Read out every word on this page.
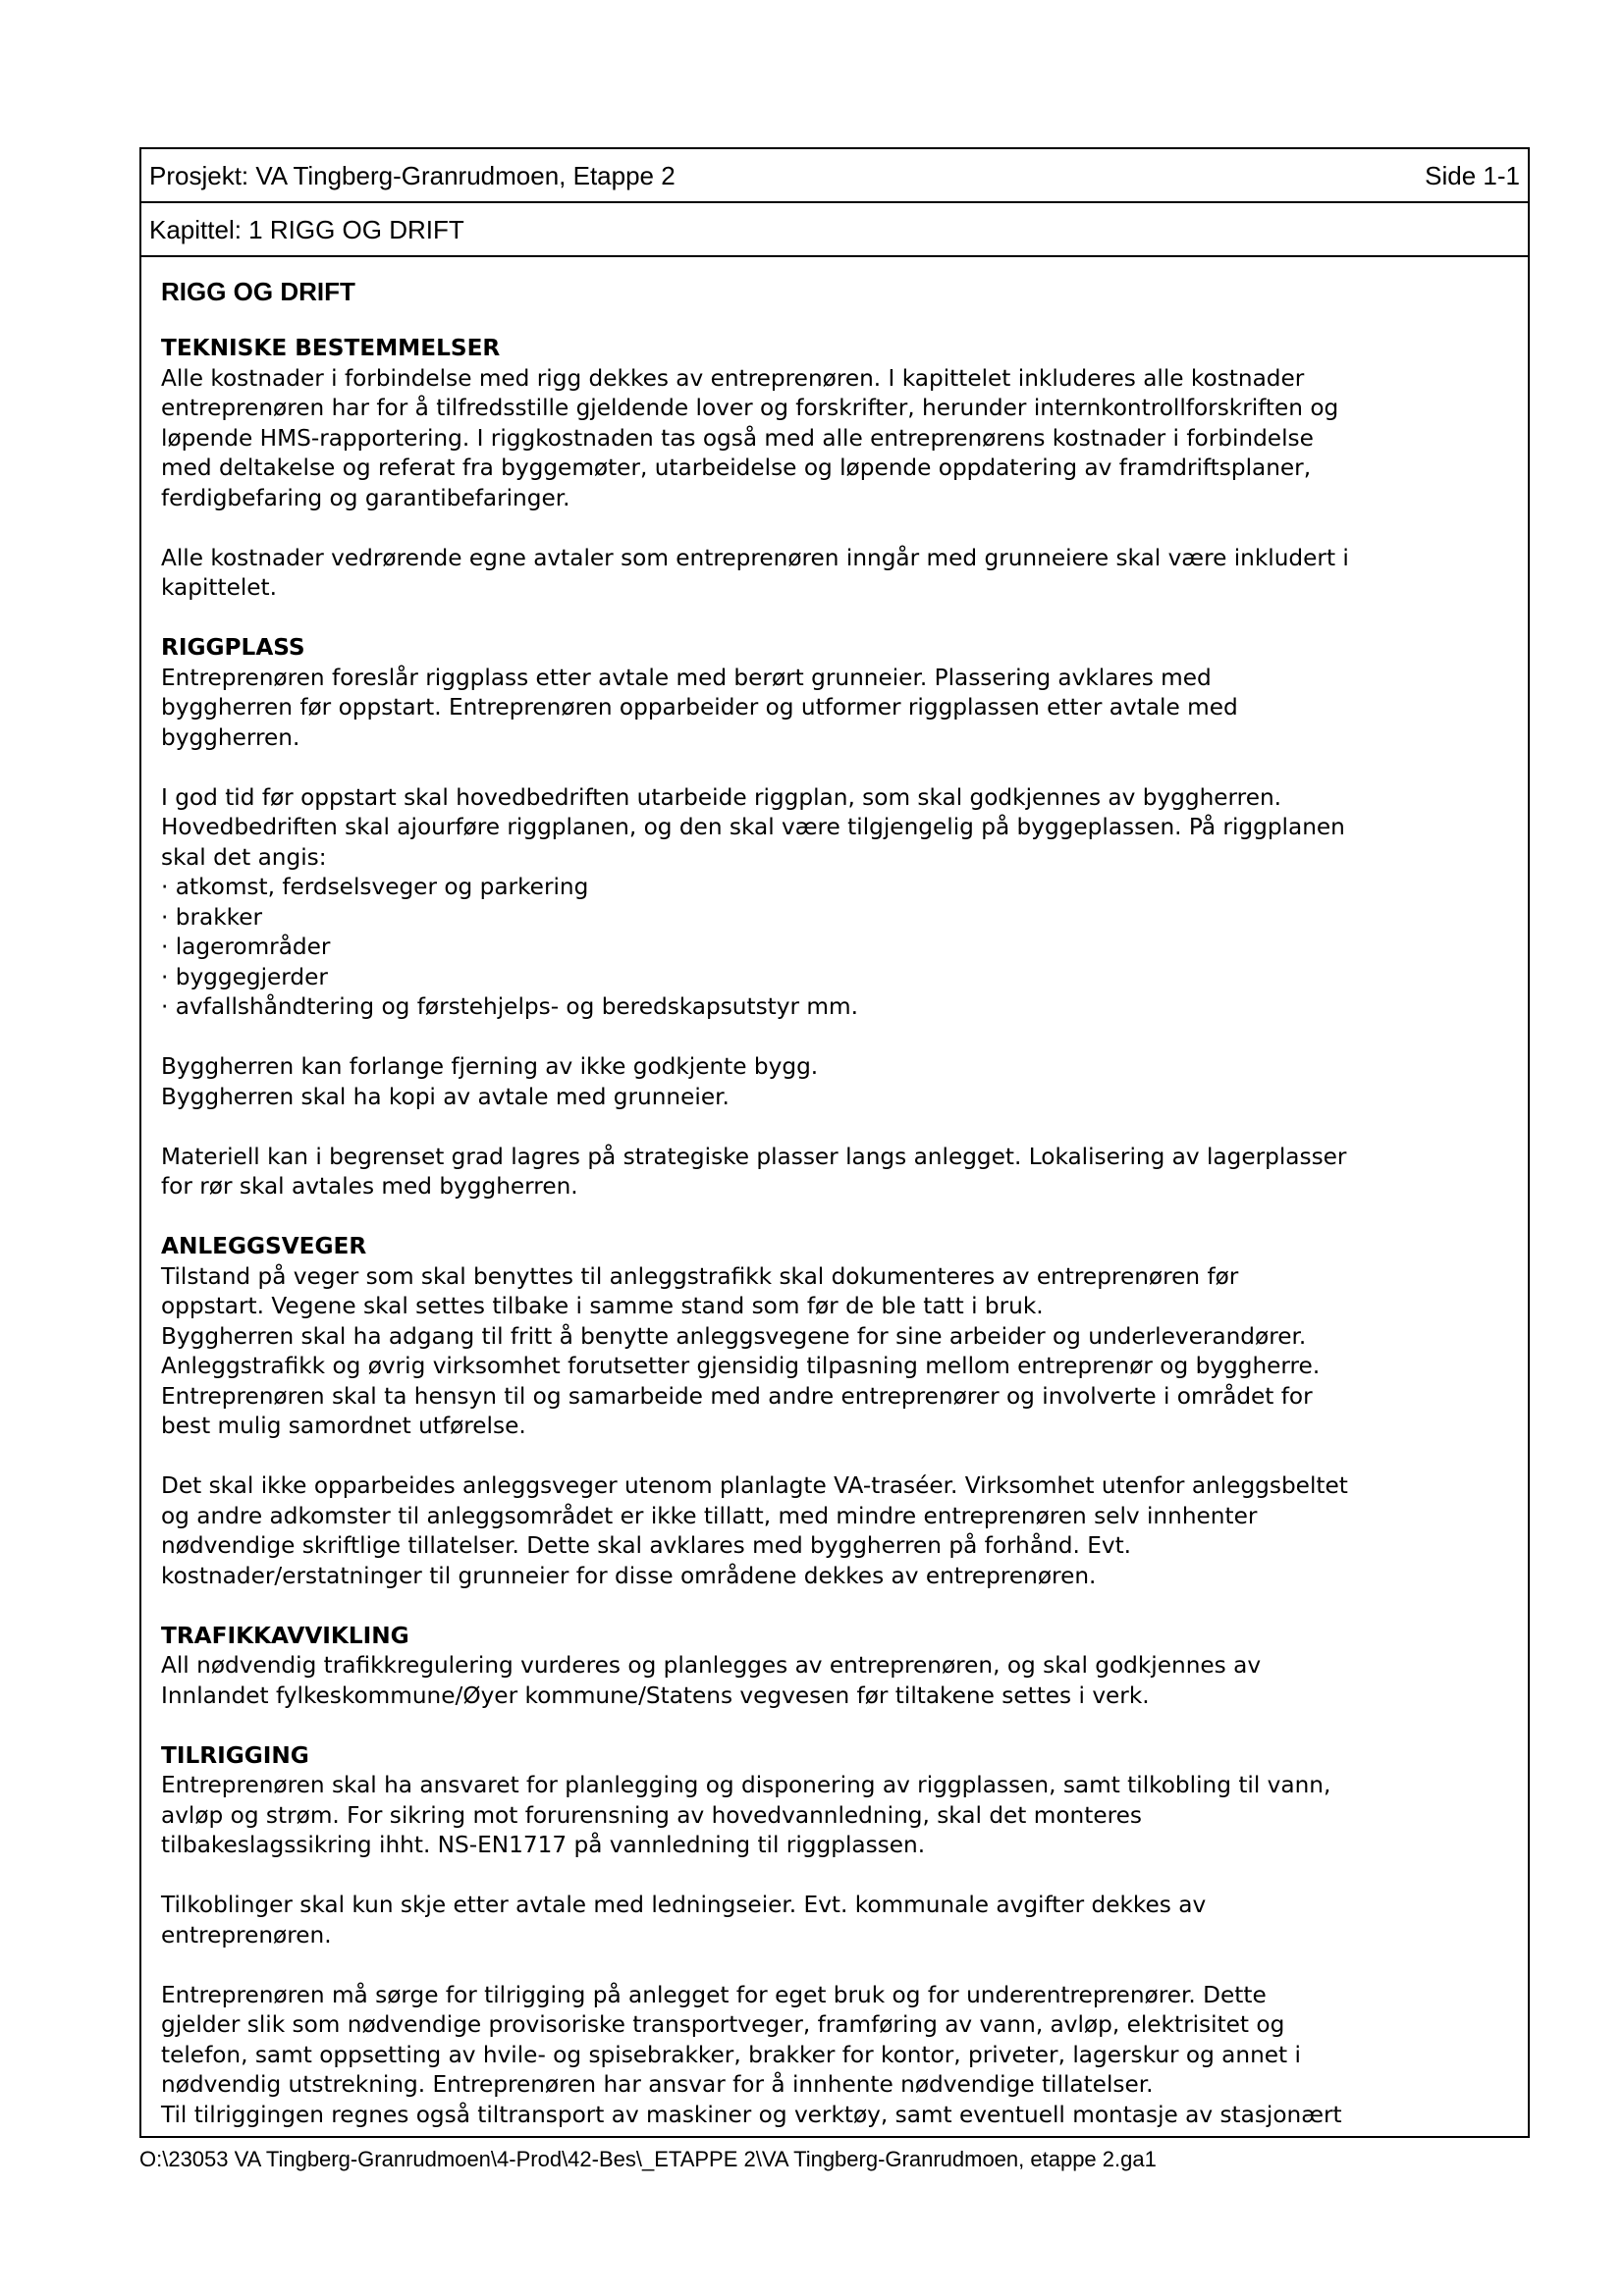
Prosjekt: VA Tingberg-Granrudmoen, Etappe 2	Side 1-1
Kapittel: 1 RIGG OG DRIFT
RIGG OG DRIFT
TEKNISKE BESTEMMELSER

Alle kostnader i forbindelse med rigg dekkes av entreprenøren. I kapittelet inkluderes alle kostnader
entreprenøren har for å tilfredsstille gjeldende lover og forskrifter, herunder internkontrollforskriften og
løpende HMS-rapportering. I riggkostnaden tas også med alle entreprenørens kostnader i forbindelse
med deltakelse og referat fra byggemøter, utarbeidelse og løpende oppdatering av framdriftsplaner,
ferdigbefaring og garantibefaringer.

Alle kostnader vedrørende egne avtaler som entreprenøren inngår med grunneiere skal være inkludert i
kapittelet.

RIGGPLASS

Entreprenøren foreslår riggplass etter avtale med berørt grunneier. Plassering avklares med
byggherren før oppstart. Entreprenøren opparbeider og utformer riggplassen etter avtale med
byggherren.

I god tid før oppstart skal hovedbedriften utarbeide riggplan, som skal godkjennes av byggherren.
Hovedbedriften skal ajourføre riggplanen, og den skal være tilgjengelig på byggeplassen. På riggplanen
skal det angis:
· atkomst, ferdselsveger og parkering
· brakker
· lagerområder
· byggegjerder
· avfallshåndtering og førstehjelps- og beredskapsutstyr mm.

Byggherren kan forlange fjerning av ikke godkjente bygg.
Byggherren skal ha kopi av avtale med grunneier.

Materiell kan i begrenset grad lagres på strategiske plasser langs anlegget. Lokalisering av lagerplasser
for rør skal avtales med byggherren.

ANLEGGSVEGER

Tilstand på veger som skal benyttes til anleggstrafikk skal dokumenteres av entreprenøren før
oppstart. Vegene skal settes tilbake i samme stand som før de ble tatt i bruk.
Byggherren skal ha adgang til fritt å benytte anleggsvegene for sine arbeider og underleverandører.
Anleggstrafikk og øvrig virksomhet forutsetter gjensidig tilpasning mellom entreprenør og byggherre.
Entreprenøren skal ta hensyn til og samarbeide med andre entreprenører og involverte i området for
best mulig samordnet utførelse.

Det skal ikke opparbeides anleggsveger utenom planlagte VA-traséer. Virksomhet utenfor anleggsbeltet
og andre adkomster til anleggsområdet er ikke tillatt, med mindre entreprenøren selv innhenter
nødvendige skriftlige tillatelser. Dette skal avklares med byggherren på forhånd. Evt.
kostnader/erstatninger til grunneier for disse områdene dekkes av entreprenøren.

TRAFIKKAVVIKLING

All nødvendig trafikkregulering vurderes og planlegges av entreprenøren, og skal godkjennes av
Innlandet fylkeskommune/Øyer kommune/Statens vegvesen før tiltakene settes i verk.

TILRIGGING

Entreprenøren skal ha ansvaret for planlegging og disponering av riggplassen, samt tilkobling til vann,
avløp og strøm. For sikring mot forurensning av hovedvannledning, skal det monteres
tilbakeslagssikring ihht. NS-EN1717 på vannledning til riggplassen.

Tilkoblinger skal kun skje etter avtale med ledningseier. Evt. kommunale avgifter dekkes av
entreprenøren.

Entreprenøren må sørge for tilrigging på anlegget for eget bruk og for underentreprenører. Dette
gjelder slik som nødvendige provisoriske transportveger, framføring av vann, avløp, elektrisitet og
telefon, samt oppsetting av hvile- og spisebrakker, brakker for kontor, priveter, lagerskur og annet i
nødvendig utstrekning. Entreprenøren har ansvar for å innhente nødvendige tillatelser.
Til tilriggingen regnes også tiltransport av maskiner og verktøy, samt eventuell montasje av stasjonært

O:\23053 VA Tingberg-Granrudmoen\4-Prod\42-Bes\_ETAPPE 2\VA Tingberg-Granrudmoen, etappe 2.ga1
